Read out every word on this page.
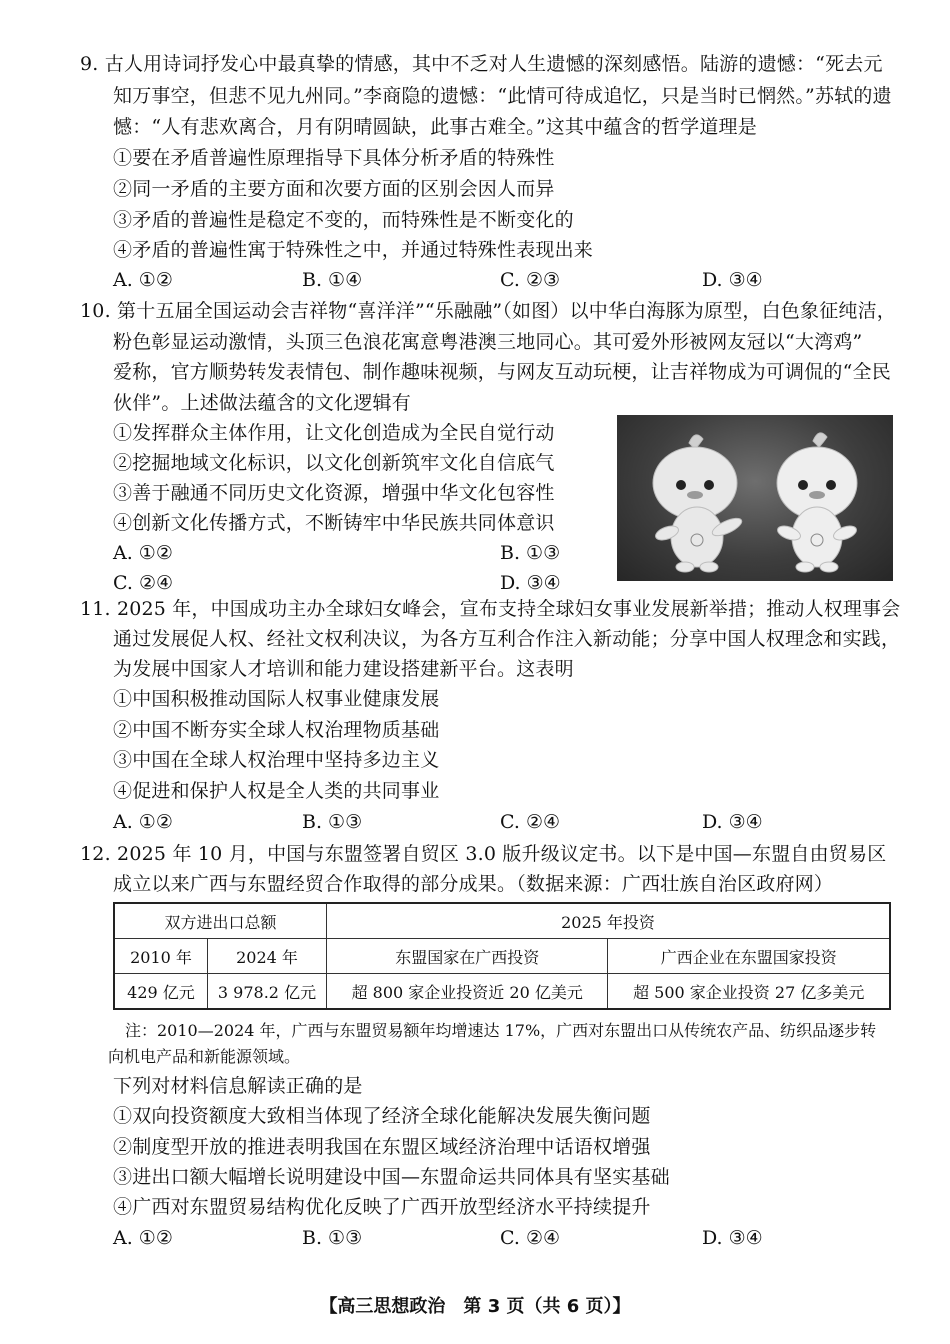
9. 古人用诗词抒发心中最真挚的情感，其中不乏对人生遗憾的深刻感悟。陆游的遗憾：“死去元
知万事空，但悲不见九州同。”李商隐的遗憾：“此情可待成追忆，只是当时已惘然。”苏轼的遗
憾：“人有悲欢离合，月有阴晴圆缺，此事古难全。”这其中蕴含的哲学道理是
①要在矛盾普遍性原理指导下具体分析矛盾的特殊性
②同一矛盾的主要方面和次要方面的区别会因人而异
③矛盾的普遍性是稳定不变的，而特殊性是不断变化的
④矛盾的普遍性寓于特殊性之中，并通过特殊性表现出来
A. ①②	B. ①④	C. ②③	D. ③④
10. 第十五届全国运动会吉祥物“喜洋洋”“乐融融”（如图）以中华白海豚为原型，白色象征纯洁，
粉色彰显运动激情，头顶三色浪花寓意粤港澳三地同心。其可爱外形被网友冠以“大湾鸡”
爱称，官方顺势转发表情包、制作趣味视频，与网友互动玩梗，让吉祥物成为可调侃的“全民
伙伴”。上述做法蕴含的文化逻辑有
①发挥群众主体作用，让文化创造成为全民自觉行动
②挖掘地域文化标识，以文化创新筑牢文化自信底气
③善于融通不同历史文化资源，增强中华文化包容性
④创新文化传播方式，不断铸牢中华民族共同体意识
A. ①②	B. ①③
C. ②④	D. ③④
11. 2025 年，中国成功主办全球妇女峰会，宣布支持全球妇女事业发展新举措；推动人权理事会
通过发展促人权、经社文权利决议，为各方互利合作注入新动能；分享中国人权理念和实践，
为发展中国家人才培训和能力建设搭建新平台。这表明
①中国积极推动国际人权事业健康发展
②中国不断夯实全球人权治理物质基础
③中国在全球人权治理中坚持多边主义
④促进和保护人权是全人类的共同事业
A. ①②	B. ①③	C. ②④	D. ③④
12. 2025 年 10 月，中国与东盟签署自贸区 3.0 版升级议定书。以下是中国—东盟自由贸易区
成立以来广西与东盟经贸合作取得的部分成果。（数据来源：广西壮族自治区政府网）
双方进出口总额		2025 年投资	
2010 年	2024 年	东盟国家在广西投资	广西企业在东盟国家投资
429 亿元	3 978.2 亿元	超 800 家企业投资近 20 亿美元	超 500 家企业投资 27 亿多美元
注：2010—2024 年，广西与东盟贸易额年均增速达 17%，广西对东盟出口从传统农产品、纺织品逐步转
向机电产品和新能源领域。
下列对材料信息解读正确的是
①双向投资额度大致相当体现了经济全球化能解决发展失衡问题
②制度型开放的推进表明我国在东盟区域经济治理中话语权增强
③进出口额大幅增长说明建设中国—东盟命运共同体具有坚实基础
④广西对东盟贸易结构优化反映了广西开放型经济水平持续提升
A. ①②	B. ①③	C. ②④	D. ③④
【高三思想政治　第 3 页（共 6 页）】
